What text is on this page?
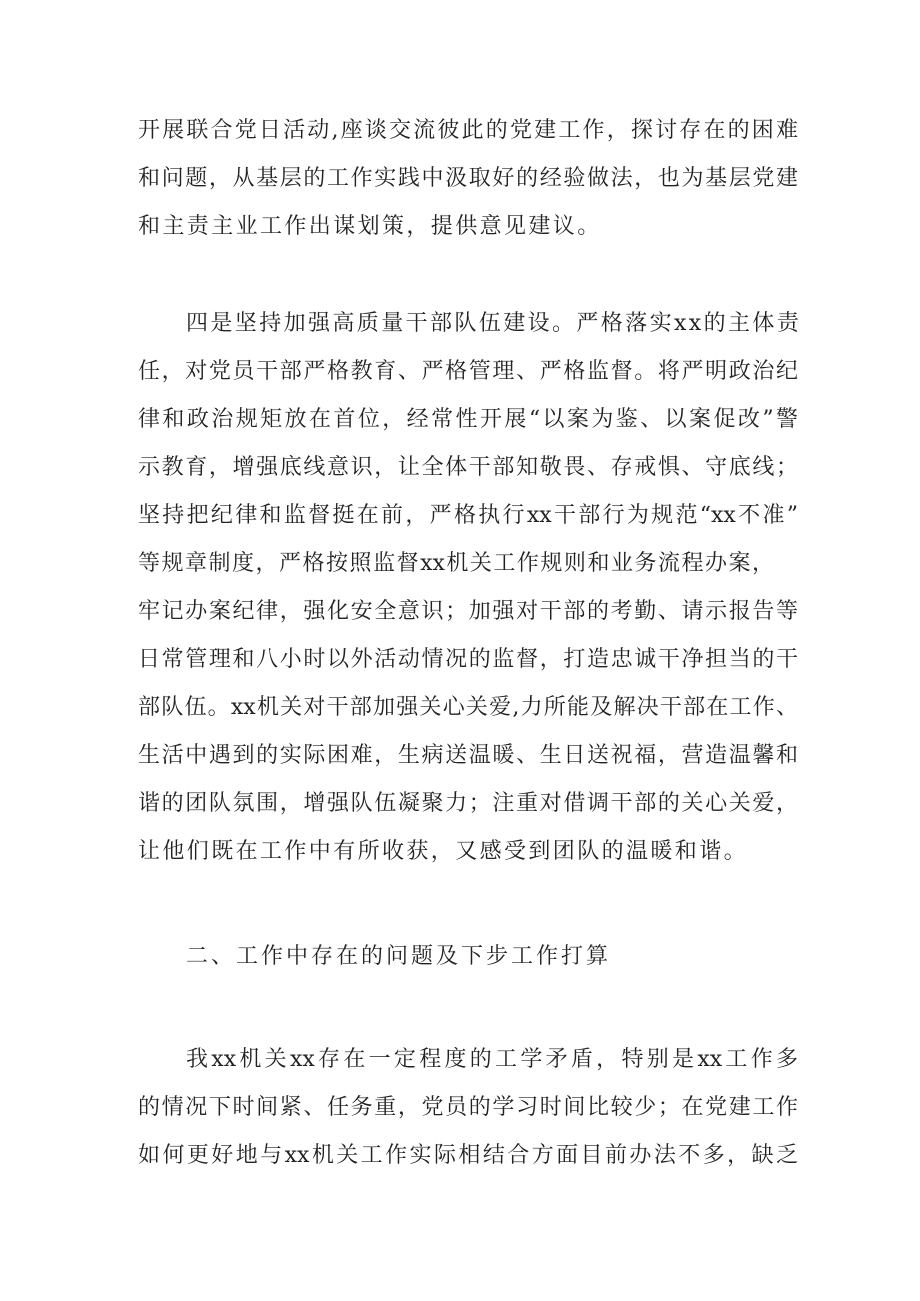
开展联合党日活动,座谈交流彼此的党建工作，探讨存在的困难
和问题，从基层的工作实践中汲取好的经验做法，也为基层党建
和主责主业工作出谋划策，提供意见建议。
四是坚持加强高质量干部队伍建设。严格落实xx的主体责
任，对党员干部严格教育、严格管理、严格监督。将严明政治纪
律和政治规矩放在首位，经常性开展“以案为鉴、以案促改”警
示教育，增强底线意识，让全体干部知敬畏、存戒惧、守底线；
坚持把纪律和监督挺在前，严格执行xx干部行为规范“xx不准”
等规章制度，严格按照监督xx机关工作规则和业务流程办案，
牢记办案纪律，强化安全意识；加强对干部的考勤、请示报告等
日常管理和八小时以外活动情况的监督，打造忠诚干净担当的干
部队伍。xx机关对干部加强关心关爱,力所能及解决干部在工作、
生活中遇到的实际困难，生病送温暖、生日送祝福，营造温馨和
谐的团队氛围，增强队伍凝聚力；注重对借调干部的关心关爱，
让他们既在工作中有所收获，又感受到团队的温暖和谐。
二、工作中存在的问题及下步工作打算
我xx机关xx存在一定程度的工学矛盾，特别是xx工作多
的情况下时间紧、任务重，党员的学习时间比较少；在党建工作
如何更好地与xx机关工作实际相结合方面目前办法不多，缺乏
